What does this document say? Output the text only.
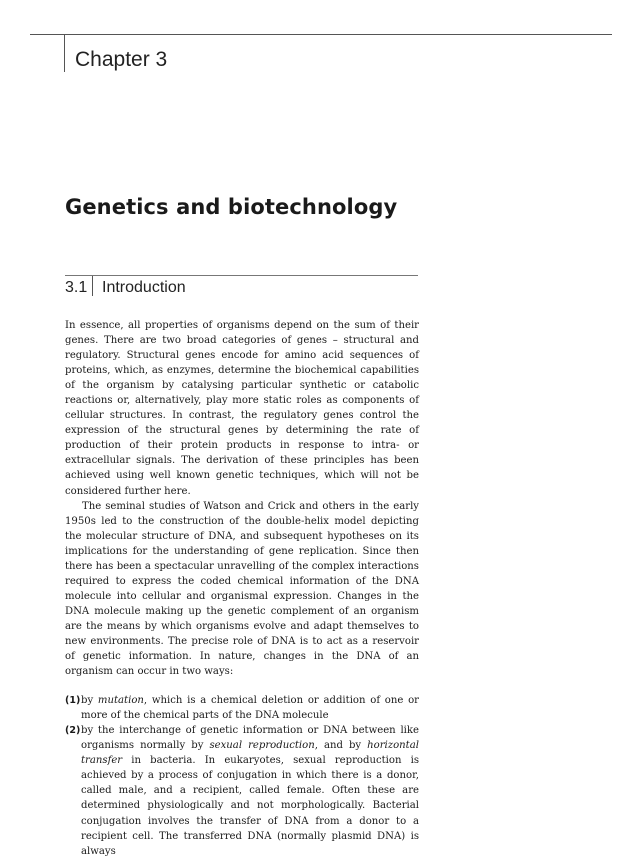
Chapter 3
Genetics and biotechnology
3.1 Introduction

In essence, all properties of organisms depend on the sum of their genes. There are two broad categories of genes – structural and regulatory. Structural genes encode for amino acid sequences of proteins, which, as enzymes, determine the biochemical capabilities of the organism by catalysing particular synthetic or catabolic reactions or, alternatively, play more static roles as components of cellular structures. In contrast, the regulatory genes control the expression of the structural genes by determining the rate of production of their protein products in response to intra- or extracellular signals. The derivation of these principles has been achieved using well known genetic techniques, which will not be considered further here.

The seminal studies of Watson and Crick and others in the early 1950s led to the construction of the double-helix model depicting the molecular structure of DNA, and subsequent hypotheses on its implications for the understanding of gene replication. Since then there has been a spectacular unravelling of the complex interactions required to express the coded chemical information of the DNA molecule into cellular and organismal expression. Changes in the DNA molecule making up the genetic complement of an organism are the means by which organisms evolve and adapt themselves to new environments. The precise role of DNA is to act as a reservoir of genetic information. In nature, changes in the DNA of an organism can occur in two ways:

(1) by mutation, which is a chemical deletion or addition of one or more of the chemical parts of the DNA molecule
(2) by the interchange of genetic information or DNA between like organisms normally by sexual reproduction, and by horizontal transfer in bacteria. In eukaryotes, sexual reproduction is achieved by a process of conjugation in which there is a donor, called male, and a recipient, called female. Often these are determined physiologically and not morphologically. Bacterial conjugation involves the transfer of DNA from a donor to a recipient cell. The transferred DNA (normally plasmid DNA) is always
